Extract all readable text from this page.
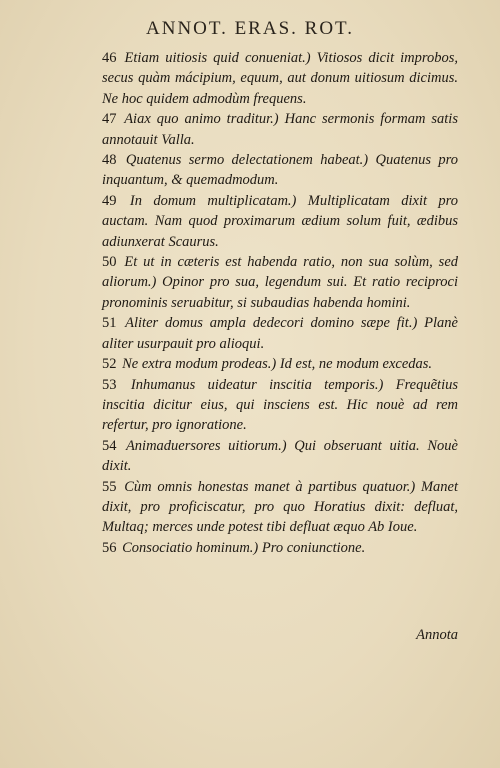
ANNOT. ERAS. ROT.

46 Etiam uitiosis quid conueniat.) Vitiosos dicit improbos, secus quàm mácipium, equum, aut donum uitiosum dicimus. Ne hoc quidem admodùm frequens.

47 Aiax quo animo traditur.) Hanc sermonis formam satis annotauit Valla.

48 Quatenus sermo delectationem habeat.) Quatenus pro inquantum, & quemadmodum.

49 In domum multiplicatam.) Multiplicatam dixit pro auctam. Nam quod proximarum ædium solum fuit, ædibus adiunxerat Scaurus.

50 Et ut in cæteris est habenda ratio, non sua solùm, sed aliorum.) Opinor pro sua, legendum sui. Et ratio reciproci pronominis seruabitur, si subaudias habenda homini.

51 Aliter domus ampla dedecori domino sæpe fit.) Planè aliter usurpauit pro alioqui.

52 Ne extra modum prodeas.) Id est, ne modum excedas.

53 Inhumanus uideatur inscitia temporis.) Frequẽtius inscitia dicitur eius, qui insciens est. Hic nouè ad rem refertur, pro ignoratione.

54 Animaduersores uitiorum.) Qui obseruant uitia. Nouè dixit.

55 Cùm omnis honestas manet à partibus quatuor.) Manet dixit, pro proficiscatur, pro quo Horatius dixit: defluat, Multaq; merces unde potest tibi defluat æquo Ab Ioue.

56 Consociatio hominum.) Pro coniunctione.

Annota
